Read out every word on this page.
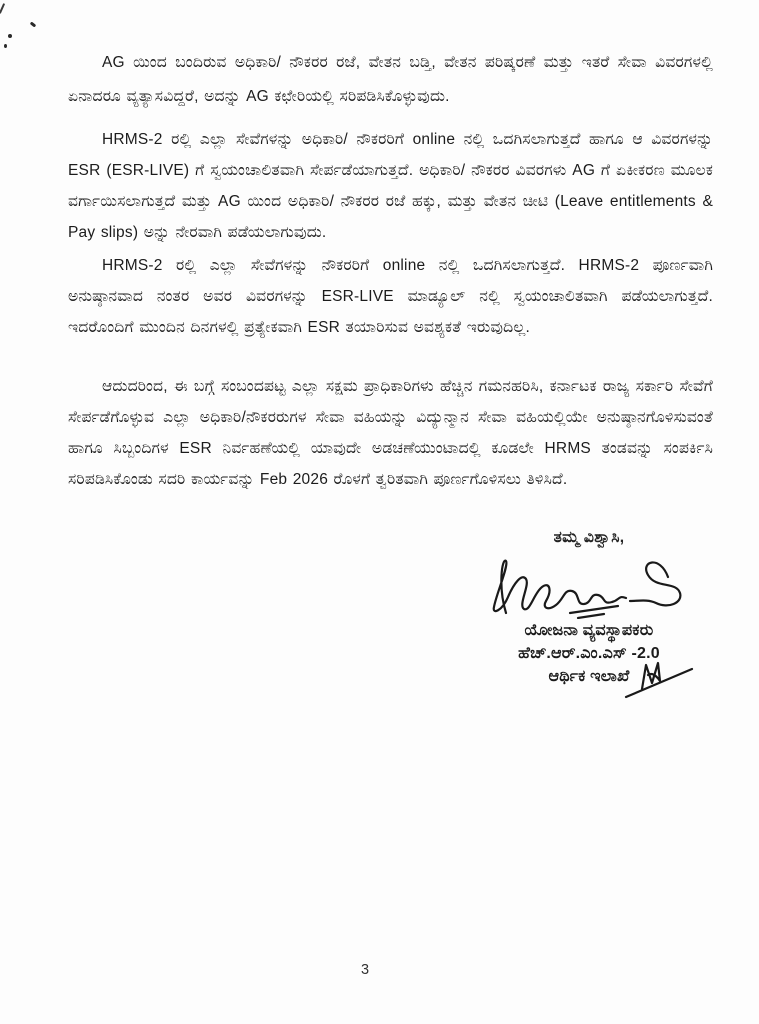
AG ಯಿಂದ ಬಂದಿರುವ ಅಧಿಕಾರಿ/ ನೌಕರರ ರಜೆ, ವೇತನ ಬಡ್ತಿ, ವೇತನ ಪರಿಷ್ಕರಣೆ ಮತ್ತು ಇತರೆ ಸೇವಾ ವಿವರಗಳಲ್ಲಿ ಏನಾದರೂ ವ್ಯತ್ಯಾಸವಿದ್ದರೆ, ಅದನ್ನು AG ಕಛೇರಿಯಲ್ಲಿ ಸರಿಪಡಿಸಿಕೊಳ್ಳುವುದು.

HRMS-2 ರಲ್ಲಿ ಎಲ್ಲಾ ಸೇವೆಗಳನ್ನು ಅಧಿಕಾರಿ/ ನೌಕರರಿಗೆ online ನಲ್ಲಿ ಒದಗಿಸಲಾಗುತ್ತದೆ ಹಾಗೂ ಆ ವಿವರಗಳನ್ನು ESR (ESR-LIVE) ಗೆ ಸ್ವಯಂಚಾಲಿತವಾಗಿ ಸೇರ್ಪಡೆಯಾಗುತ್ತದೆ. ಅಧಿಕಾರಿ/ ನೌಕರರ ವಿವರಗಳು AG ಗೆ ಏಕೀಕರಣ ಮೂಲಕ ವರ್ಗಾಯಿಸಲಾಗುತ್ತದೆ ಮತ್ತು AG ಯಿಂದ ಅಧಿಕಾರಿ/ ನೌಕರರ ರಜೆ ಹಕ್ಕು, ಮತ್ತು ವೇತನ ಚೀಟಿ (Leave entitlements & Pay slips) ಅನ್ನು ನೇರವಾಗಿ ಪಡೆಯಲಾಗುವುದು.

HRMS-2 ರಲ್ಲಿ ಎಲ್ಲಾ ಸೇವೆಗಳನ್ನು ನೌಕರರಿಗೆ online ನಲ್ಲಿ ಒದಗಿಸಲಾಗುತ್ತದೆ. HRMS-2 ಪೂರ್ಣವಾಗಿ ಅನುಷ್ಠಾನವಾದ ನಂತರ ಅವರ ವಿವರಗಳನ್ನು ESR-LIVE ಮಾಡ್ಯೂಲ್ ನಲ್ಲಿ ಸ್ವಯಂಚಾಲಿತವಾಗಿ ಪಡೆಯಲಾಗುತ್ತದೆ. ಇದರೊಂದಿಗೆ ಮುಂದಿನ ದಿನಗಳಲ್ಲಿ ಪ್ರತ್ಯೇಕವಾಗಿ ESR ತಯಾರಿಸುವ ಅವಶ್ಯಕತೆ ಇರುವುದಿಲ್ಲ.

ಆದುದರಿಂದ, ಈ ಬಗ್ಗೆ ಸಂಬಂದಪಟ್ಟ ಎಲ್ಲಾ ಸಕ್ಷಮ ಪ್ರಾಧಿಕಾರಿಗಳು ಹೆಚ್ಚಿನ ಗಮನಹರಿಸಿ, ಕರ್ನಾಟಕ ರಾಜ್ಯ ಸರ್ಕಾರಿ ಸೇವೆಗೆ ಸೇರ್ಪಡೆಗೊಳ್ಳುವ ಎಲ್ಲಾ ಅಧಿಕಾರಿ/ನೌಕರರುಗಳ ಸೇವಾ ವಹಿಯನ್ನು ವಿದ್ಯುನ್ಮಾನ ಸೇವಾ ವಹಿಯಲ್ಲಿಯೇ ಅನುಷ್ಠಾನಗೊಳಿಸುವಂತೆ ಹಾಗೂ ಸಿಬ್ಬಂದಿಗಳ ESR ನಿರ್ವಹಣೆಯಲ್ಲಿ ಯಾವುದೇ ಅಡಚಣೆಯುಂಟಾದಲ್ಲಿ ಕೂಡಲೇ HRMS ತಂಡವನ್ನು ಸಂಪರ್ಕಿಸಿ ಸರಿಪಡಿಸಿಕೊಂಡು ಸದರಿ ಕಾರ್ಯವನ್ನು Feb 2026 ರೊಳಗೆ ತ್ವರಿತವಾಗಿ ಪೂರ್ಣಗೊಳಿಸಲು ತಿಳಿಸಿದೆ.

ತಮ್ಮ ವಿಶ್ವಾಸಿ,
ಯೋಜನಾ ವ್ಯವಸ್ಥಾಪಕರು
ಹೆಚ್.ಆರ್.ಎಂ.ಎಸ್ -2.0
ಆರ್ಥಿಕ ಇಲಾಖೆ
3
